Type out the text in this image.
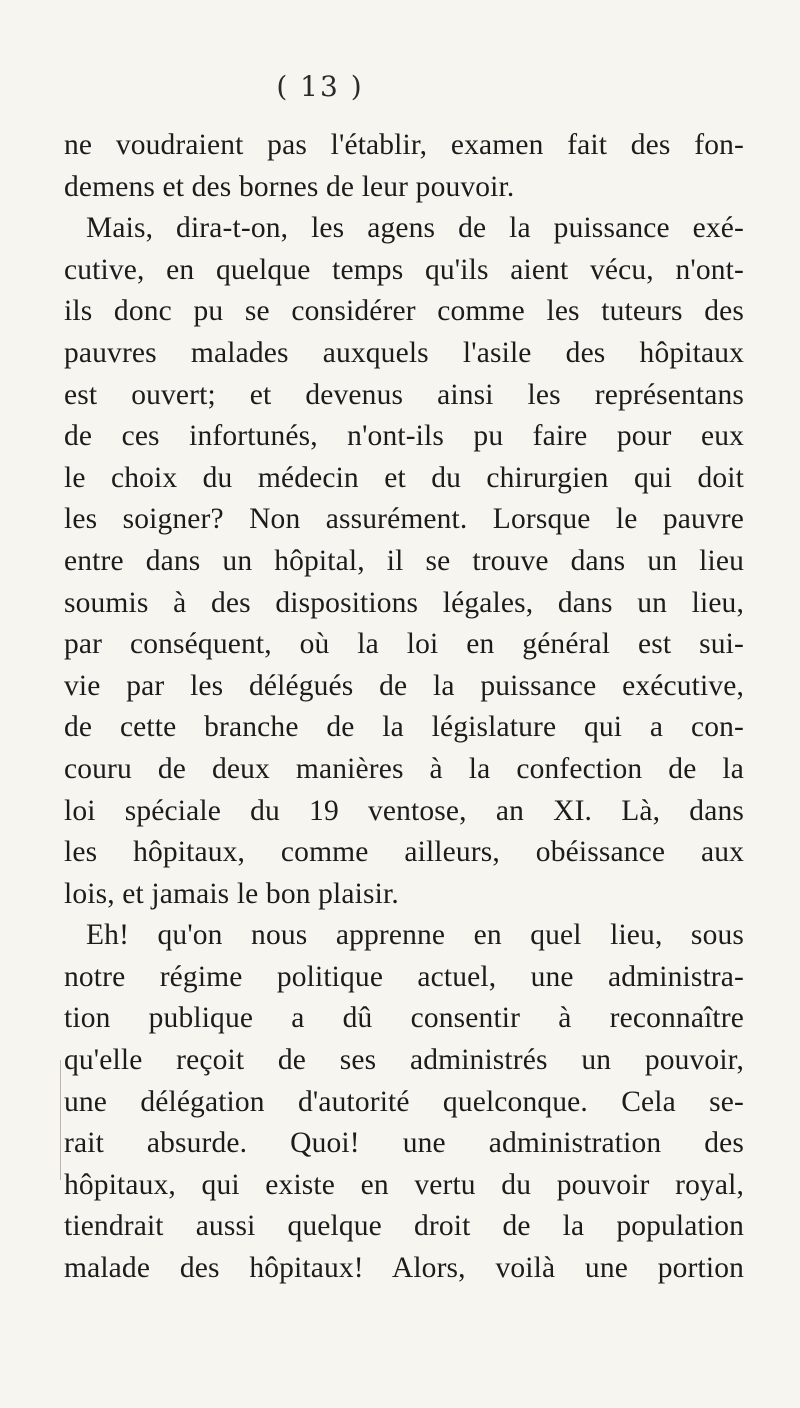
( 13 )
ne voudraient pas l'établir, examen fait des fon-
demens et des bornes de leur pouvoir.
Mais, dira-t-on, les agens de la puissance exé-
cutive, en quelque temps qu'ils aient vécu, n'ont-
ils donc pu se considérer comme les tuteurs des
pauvres malades auxquels l'asile des hôpitaux
est ouvert; et devenus ainsi les représentans
de ces infortunés, n'ont-ils pu faire pour eux
le choix du médecin et du chirurgien qui doit
les soigner? Non assurément. Lorsque le pauvre
entre dans un hôpital, il se trouve dans un lieu
soumis à des dispositions légales, dans un lieu,
par conséquent, où la loi en général est sui-
vie par les délégués de la puissance exécutive,
de cette branche de la législature qui a con-
couru de deux manières à la confection de la
loi spéciale du 19 ventose, an XI. Là, dans
les hôpitaux, comme ailleurs, obéissance aux
lois, et jamais le bon plaisir.
Eh! qu'on nous apprenne en quel lieu, sous
notre régime politique actuel, une administra-
tion publique a dû consentir à reconnaître
qu'elle reçoit de ses administrés un pouvoir,
une délégation d'autorité quelconque. Cela se-
rait absurde. Quoi! une administration des
hôpitaux, qui existe en vertu du pouvoir royal,
tiendrait aussi quelque droit de la population
malade des hôpitaux! Alors, voilà une portion
